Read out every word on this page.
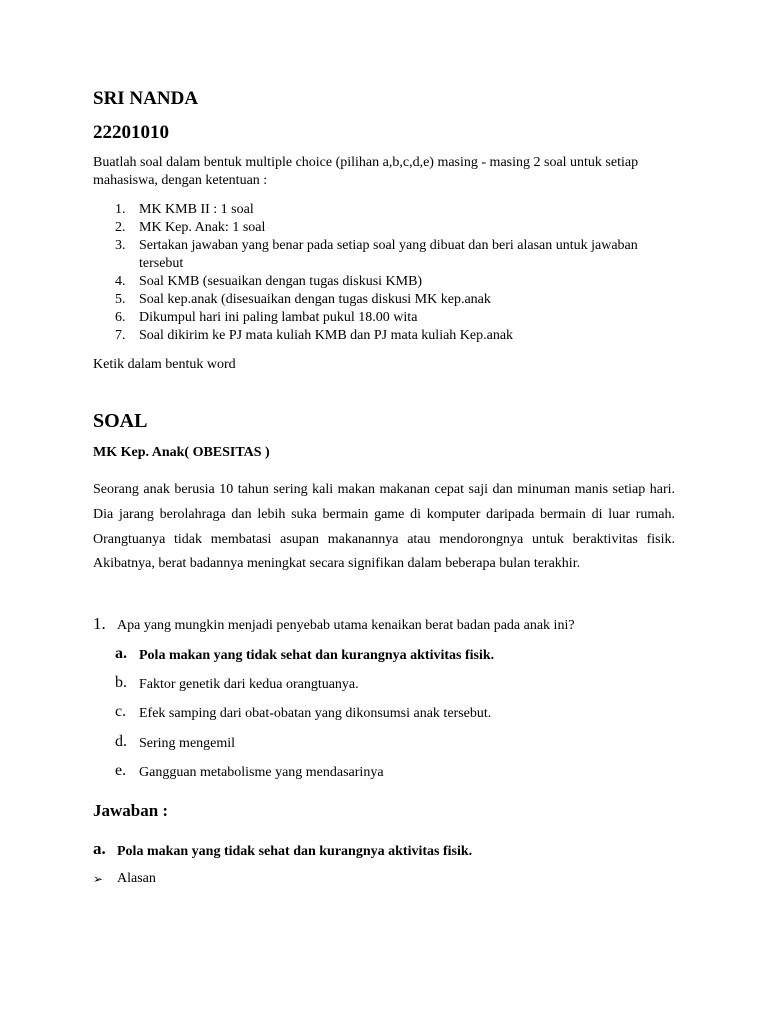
SRI NANDA
22201010

Buatlah soal dalam bentuk multiple choice (pilihan a,b,c,d,e) masing - masing 2 soal untuk setiap mahasiswa, dengan ketentuan :

1. MK KMB II : 1 soal
2. MK Kep. Anak: 1 soal
3. Sertakan jawaban yang benar pada setiap soal yang dibuat dan beri alasan untuk jawaban tersebut
4. Soal KMB (sesuaikan dengan tugas diskusi KMB)
5. Soal kep.anak (disesuaikan dengan tugas diskusi MK kep.anak
6. Dikumpul hari ini paling lambat pukul 18.00 wita
7. Soal dikirim ke PJ mata kuliah KMB dan PJ mata kuliah Kep.anak

Ketik dalam bentuk word

SOAL

MK Kep. Anak( OBESITAS )

Seorang anak berusia 10 tahun sering kali makan makanan cepat saji dan minuman manis setiap hari. Dia jarang berolahraga dan lebih suka bermain game di komputer daripada bermain di luar rumah. Orangtuanya tidak membatasi asupan makanannya atau mendorongnya untuk beraktivitas fisik. Akibatnya, berat badannya meningkat secara signifikan dalam beberapa bulan terakhir.

1. Apa yang mungkin menjadi penyebab utama kenaikan berat badan pada anak ini?
a. Pola makan yang tidak sehat dan kurangnya aktivitas fisik.
b. Faktor genetik dari kedua orangtuanya.
c. Efek samping dari obat-obatan yang dikonsumsi anak tersebut.
d. Sering mengemil
e. Gangguan metabolisme yang mendasarinya
Jawaban :
a. Pola makan yang tidak sehat dan kurangnya aktivitas fisik.
➢ Alasan
